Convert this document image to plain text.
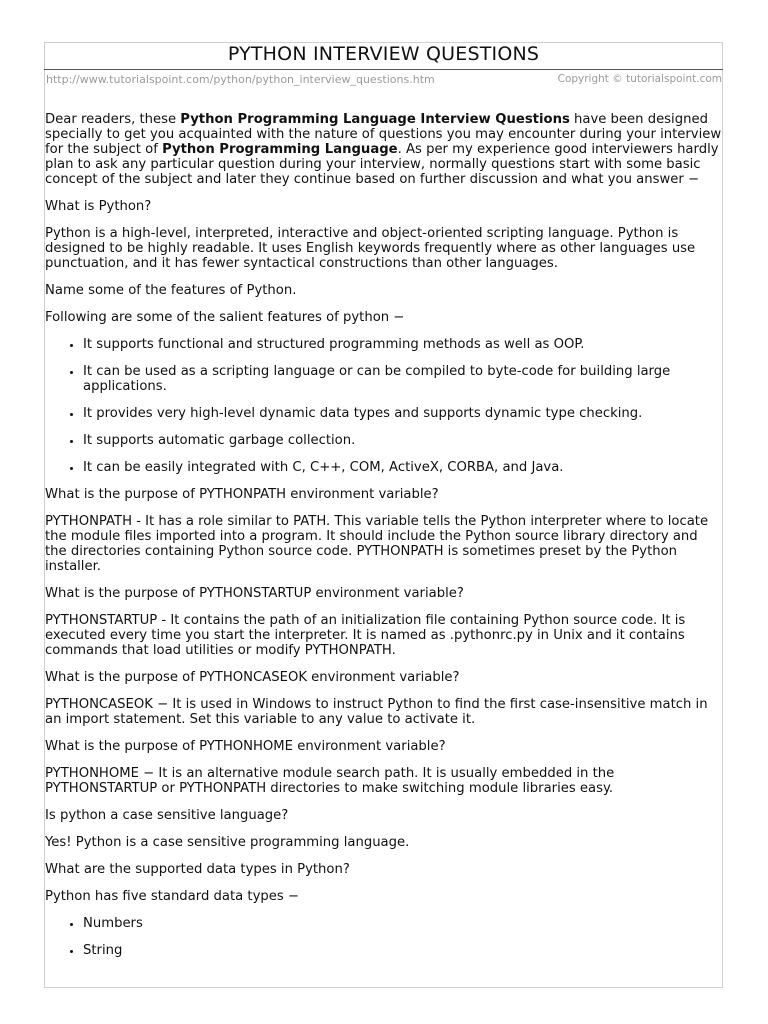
PYTHON INTERVIEW QUESTIONS
http://www.tutorialspoint.com/python/python_interview_questions.htm	Copyright © tutorialspoint.com

Dear readers, these Python Programming Language Interview Questions have been designed specially to get you acquainted with the nature of questions you may encounter during your interview for the subject of Python Programming Language. As per my experience good interviewers hardly plan to ask any particular question during your interview, normally questions start with some basic concept of the subject and later they continue based on further discussion and what you answer −

What is Python?

Python is a high-level, interpreted, interactive and object-oriented scripting language. Python is designed to be highly readable. It uses English keywords frequently where as other languages use punctuation, and it has fewer syntactical constructions than other languages.

Name some of the features of Python.

Following are some of the salient features of python −

• It supports functional and structured programming methods as well as OOP.
• It can be used as a scripting language or can be compiled to byte-code for building large applications.
• It provides very high-level dynamic data types and supports dynamic type checking.
• It supports automatic garbage collection.
• It can be easily integrated with C, C++, COM, ActiveX, CORBA, and Java.

What is the purpose of PYTHONPATH environment variable?

PYTHONPATH - It has a role similar to PATH. This variable tells the Python interpreter where to locate the module files imported into a program. It should include the Python source library directory and the directories containing Python source code. PYTHONPATH is sometimes preset by the Python installer.

What is the purpose of PYTHONSTARTUP environment variable?

PYTHONSTARTUP - It contains the path of an initialization file containing Python source code. It is executed every time you start the interpreter. It is named as .pythonrc.py in Unix and it contains commands that load utilities or modify PYTHONPATH.

What is the purpose of PYTHONCASEOK environment variable?

PYTHONCASEOK − It is used in Windows to instruct Python to find the first case-insensitive match in an import statement. Set this variable to any value to activate it.

What is the purpose of PYTHONHOME environment variable?

PYTHONHOME − It is an alternative module search path. It is usually embedded in the PYTHONSTARTUP or PYTHONPATH directories to make switching module libraries easy.

Is python a case sensitive language?

Yes! Python is a case sensitive programming language.

What are the supported data types in Python?

Python has five standard data types −

• Numbers
• String
